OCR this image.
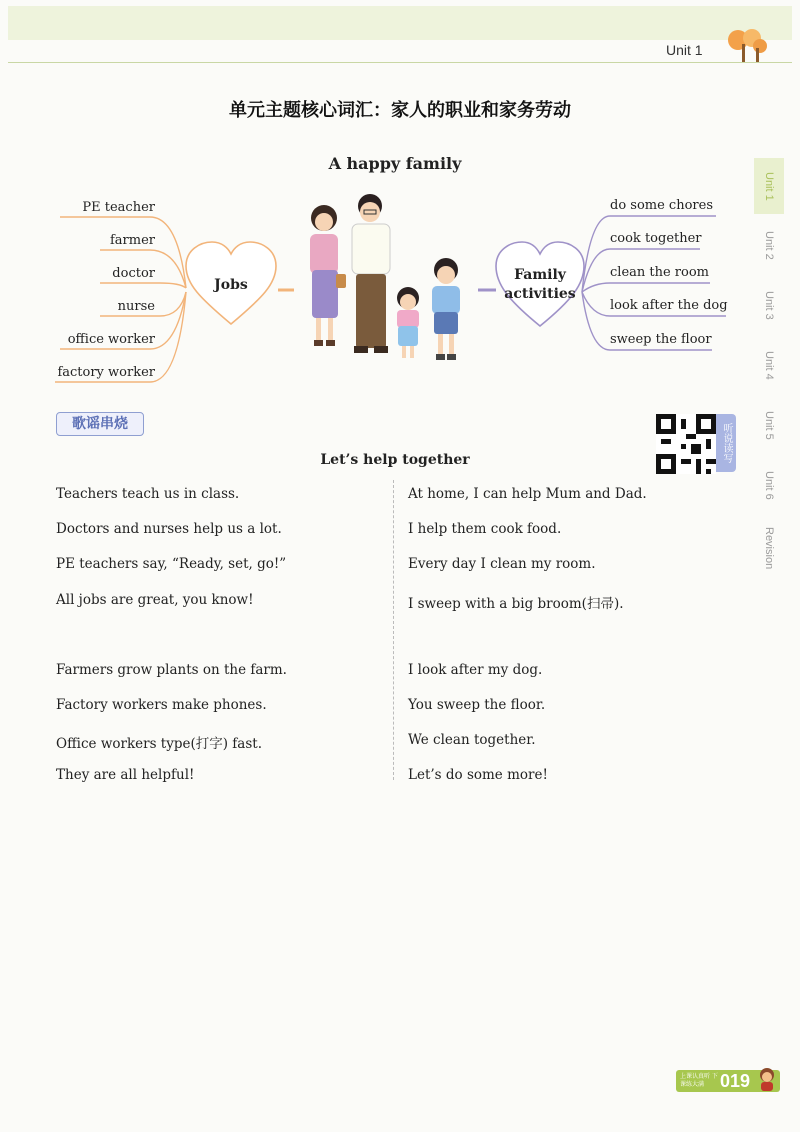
Unit 1
Unit 1
Unit 2
Unit 3
Unit 4
Unit 5
Unit 6
Revision
单元主题核心词汇：家人的职业和家务劳动
A happy family
PE teacher
farmer
doctor
nurse
office worker
factory worker
Jobs
Family
activities
do some chores
cook together
clean the room
look after the dog
sweep the floor
歌谣串烧	听说读写
Let’s help together
Teachers teach us in class.
Doctors and nurses help us a lot.
PE teachers say, “Ready, set, go!”
All jobs are great, you know!
Farmers grow plants on the farm.
Factory workers make phones.
Office workers type(打字) fast.
They are all helpful!
At home, I can help Mum and Dad.
I help them cook food.
Every day I clean my room.
I sweep with a big broom(扫帚).
I look after my dog.
You sweep the floor.
We clean together.
Let’s do some more!
上课认真听 下课练大满 019
